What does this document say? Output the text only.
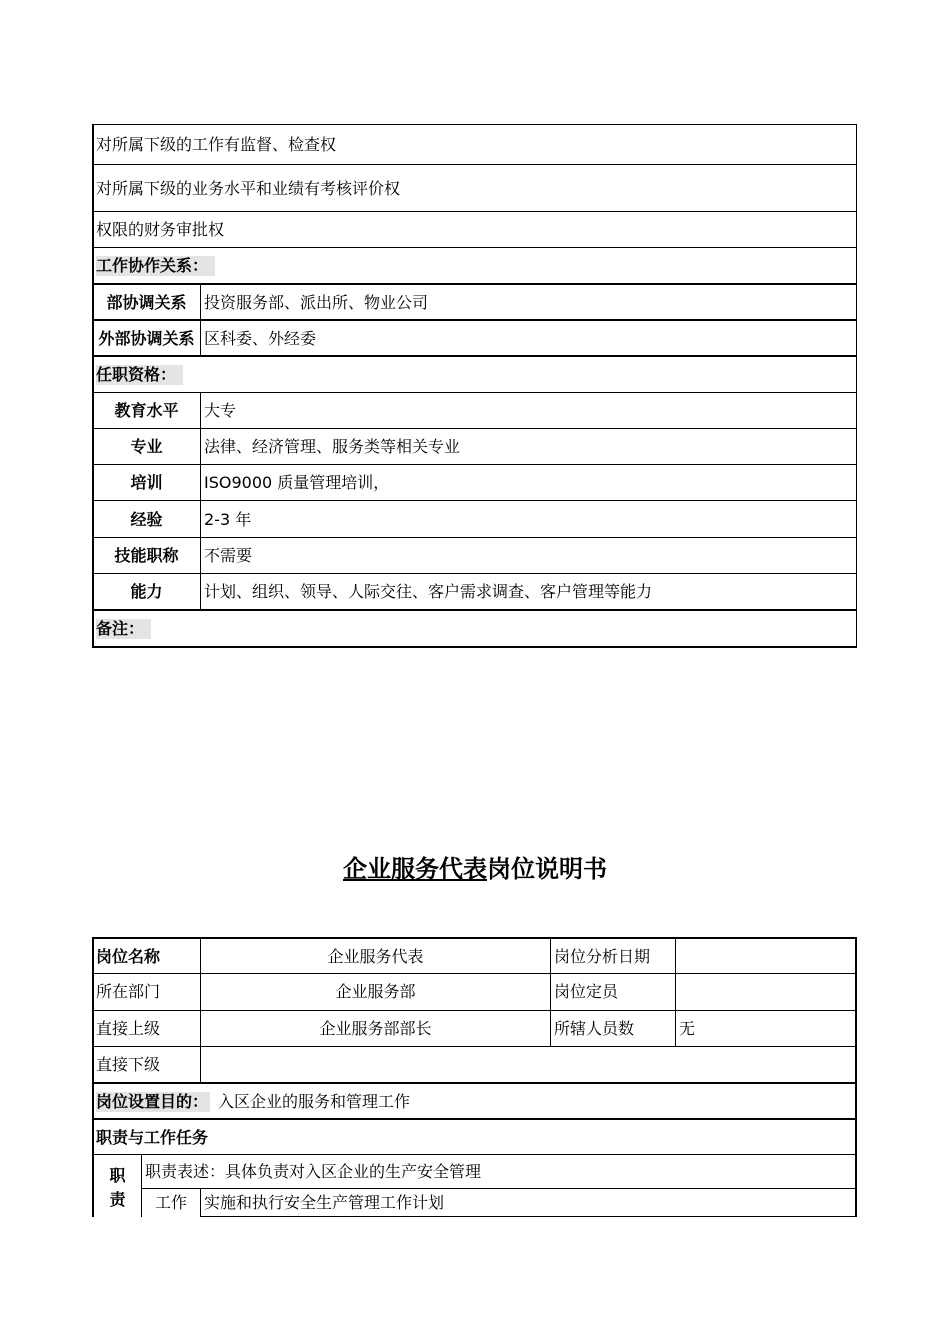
对所属下级的工作有监督、检查权
对所属下级的业务水平和业绩有考核评价权
权限的财务审批权
工作协作关系：
部协调关系	投资服务部、派出所、物业公司
外部协调关系 区科委、外经委
任职资格：
教育水平	大专
专业	法律、经济管理、服务类等相关专业
培训	ISO9000 质量管理培训，
经验	2-3 年
技能职称	不需要
能力	计划、组织、领导、人际交往、客户需求调查、客户管理等能力
备注：
企业服务代表岗位说明书
岗位名称	企业服务代表	岗位分析日期
所在部门	企业服务部	岗位定员
直接上级	企业服务部部长	所辖人员数	无
直接下级
岗位设置目的： 入区企业的服务和管理工作
职责与工作任务
职
责
职责表述：具体负责对入区企业的生产安全管理
工作	实施和执行安全生产管理工作计划
